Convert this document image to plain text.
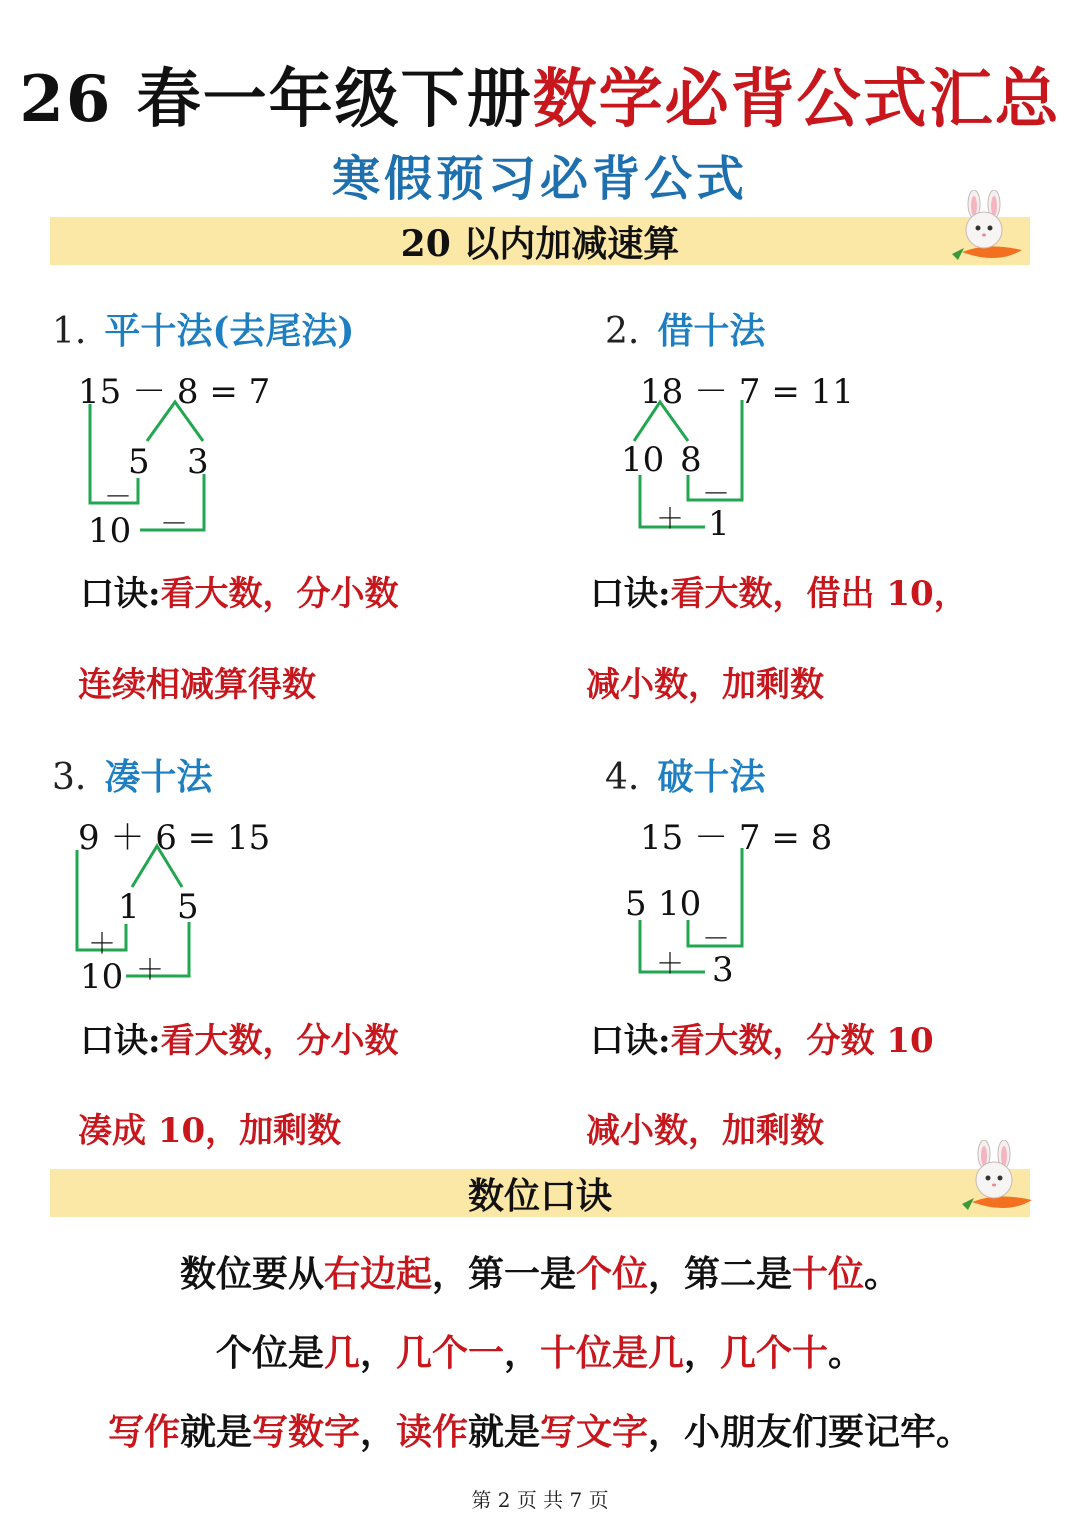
26 春一年级下册数学必背公式汇总
寒假预习必背公式
20 以内加减速算
1. 平十法(去尾法)
15 － 8 = 7
5 3
－
10 －
口诀:看大数，分小数
连续相减算得数
2. 借十法
18 － 7 = 11
10 8
－
＋ 1
口诀:看大数，借出 10，
减小数，加剩数
3. 凑十法
9 ＋ 6 = 15
1 5
＋
10 ＋
口诀:看大数，分小数
凑成 10，加剩数
4. 破十法
15 － 7 = 8
5 10
－
＋ 3
口诀:看大数，分数 10
减小数，加剩数
数位口诀
数位要从右边起，第一是个位，第二是十位。
个位是几，几个一，十位是几，几个十。
写作就是写数字，读作就是写文字，小朋友们要记牢。
第 2 页 共 7 页
